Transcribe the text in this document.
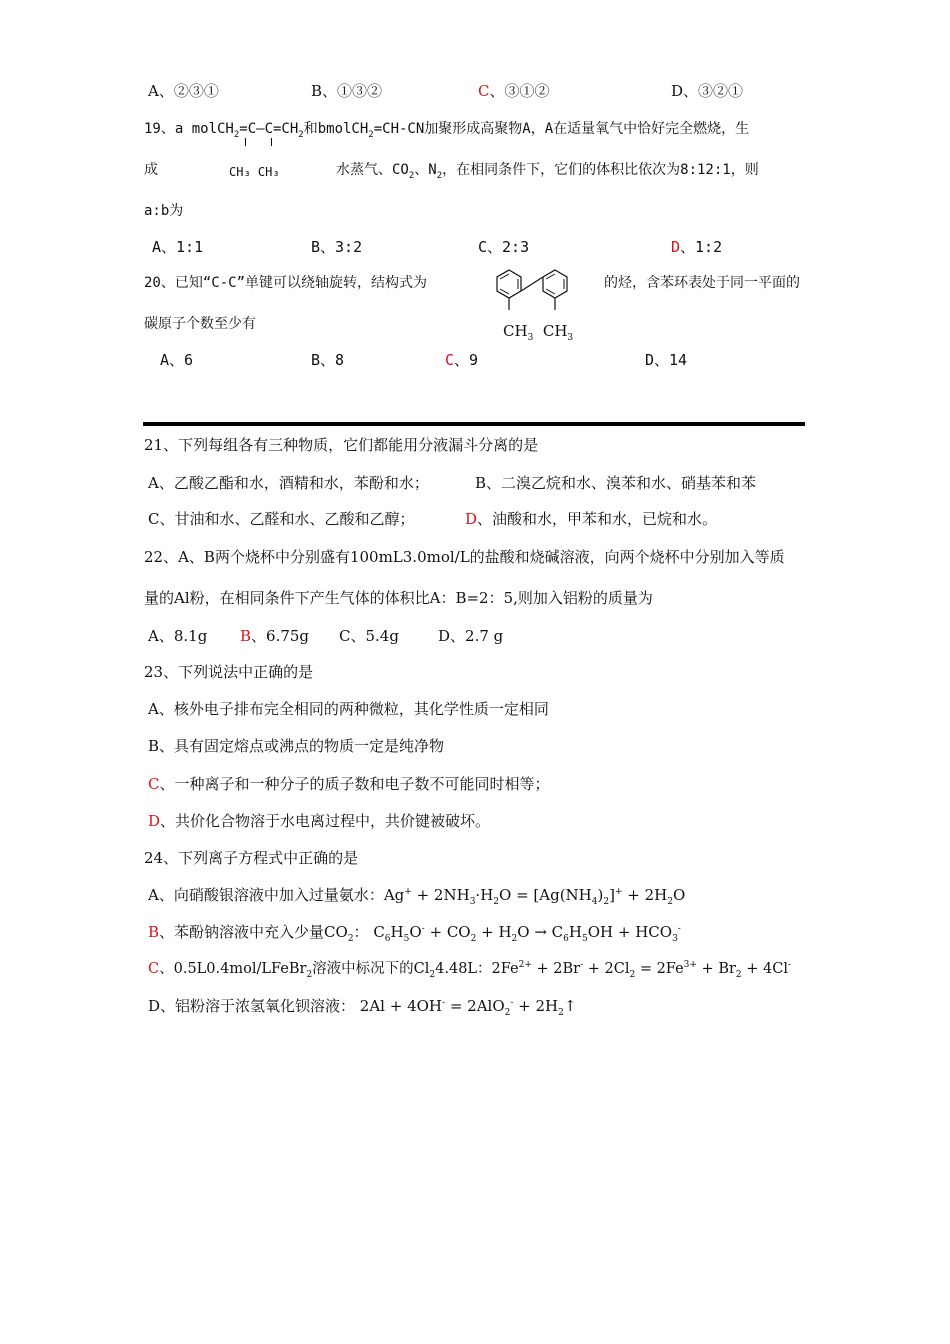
A、②③①	B、①③②	C、③①②	D、③②①
19、a $molCH_2=C—C=CH_2$和bmolCH$_2$=CH-CN加聚形成高聚物A，A在适量氧气中恰好完全燃烧，生
成	CH₃ CH₃	水蒸气、$CO_2$、$N_2$，在相同条件下，它们的体积比依次为8:12:1，则
a:b为
A、1:1	B、3:2	C、2:3	D、1:2
20、已知“C-C”单键可以绕轴旋转，结构式为	的烃，含苯环表处于同一平面的
$CH_3$ $CH_3$
碳原子个数至少有
A、6	B、8	C、9	D、14
21、下列每组各有三种物质，它们都能用分液漏斗分离的是
A、乙酸乙酯和水，酒精和水，苯酚和水；	B、二溴乙烷和水、溴苯和水、硝基苯和苯
C、甘油和水、乙醛和水、乙酸和乙醇；	D、油酸和水，甲苯和水，已烷和水。
22、A、B两个烧杯中分别盛有100mL3.0mol/L的盐酸和烧碱溶液，向两个烧杯中分别加入等质
量的Al粉，在相同条件下产生气体的体积比A：B=2：5,则加入铝粉的质量为
A、8.1g B、6.75g C、5.4g	D、2.7 g
23、下列说法中正确的是
A、核外电子排布完全相同的两种微粒，其化学性质一定相同
B、具有固定熔点或沸点的物质一定是纯净物
C、一种离子和一种分子的质子数和电子数不可能同时相等；
D、共价化合物溶于水电离过程中，共价键被破坏。
24、下列离子方程式中正确的是
A、向硝酸银溶液中加入过量氨水：$Ag^+ + 2NH_3\cdot H_2O = [Ag(NH_4)_2]^+ + 2H_2O$
B、苯酚钠溶液中充入少量$CO_2$： $C_6H_5O^- + CO_2 + H_2O \to C_6H_5OH + HCO_3^-$
C、0.5L0.4mol/LFeBr$_2$溶液中标况下的$Cl_24.48L$：$2Fe^{2+} + 2Br^- + 2Cl_2 = 2Fe^{3+} + Br_2 + 4Cl^-$
D、铝粉溶于浓氢氧化钡溶液： $2Al + 4OH^- = 2AlO_2^- + 2H_2↑$
